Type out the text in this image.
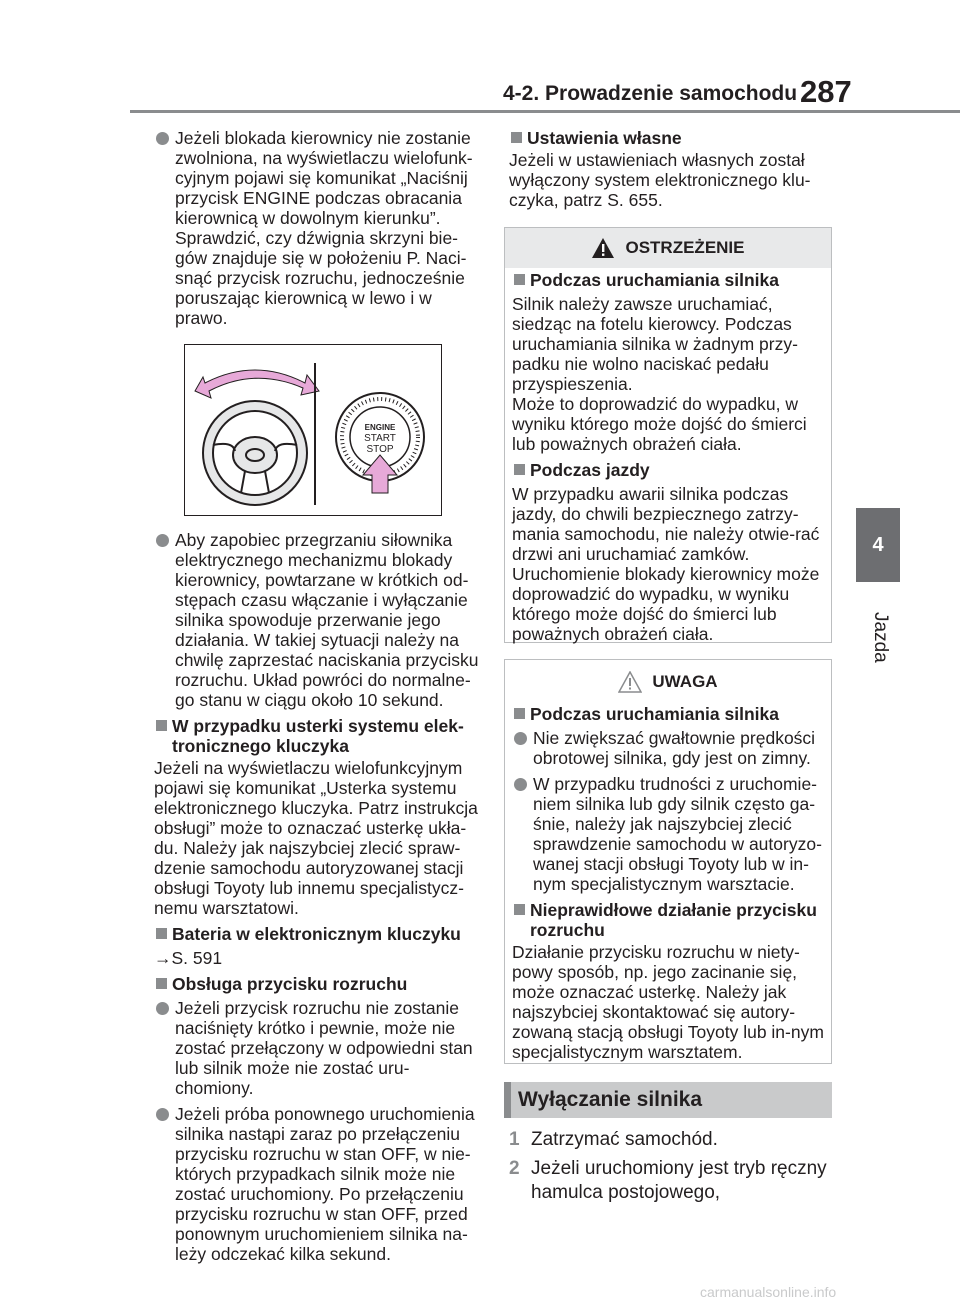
4-2. Prowadzenie samochodu 287
4
Jazda
Jeżeli blokada kierownicy nie zostanie zwolniona, na wyświetlaczu wielofunk-cyjnym pojawi się komunikat „Naciśnij przycisk ENGINE podczas obracania kierownicą w dowolnym kierunku”. Sprawdzić, czy dźwignia skrzyni bie-gów znajduje się w położeniu P. Naci-snąć przycisk rozruchu, jednocześnie poruszając kierownicą w lewo i w prawo.
ENGINE
START
STOP
Aby zapobiec przegrzaniu siłownika elektrycznego mechanizmu blokady kierownicy, powtarzane w krótkich od-stępach czasu włączanie i wyłączanie silnika spowoduje przerwanie jego działania. W takiej sytuacji należy na chwilę zaprzestać naciskania przycisku rozruchu. Układ powróci do normalne-go stanu w ciągu około 10 sekund.
W przypadku usterki systemu elek-tronicznego kluczyka
Jeżeli na wyświetlaczu wielofunkcyjnym pojawi się komunikat „Usterka systemu elektronicznego kluczyka. Patrz instrukcja obsługi” może to oznaczać usterkę ukła-du. Należy jak najszybciej zlecić spraw-dzenie samochodu autoryzowanej stacji obsługi Toyoty lub innemu specjalistycz-nemu warsztatowi.
Bateria w elektronicznym kluczyku
→S. 591
Obsługa przycisku rozruchu
Jeżeli przycisk rozruchu nie zostanie naciśnięty krótko i pewnie, może nie zostać przełączony w odpowiedni stan lub silnik może nie zostać uru-chomiony.
Jeżeli próba ponownego uruchomienia silnika nastąpi zaraz po przełączeniu przycisku rozruchu w stan OFF, w nie-których przypadkach silnik może nie zostać uruchomiony. Po przełączeniu przycisku rozruchu w stan OFF, przed ponownym uruchomieniem silnika na-leży odczekać kilka sekund.
Ustawienia własne
Jeżeli w ustawieniach własnych został wyłączony system elektronicznego klu-czyka, patrz S. 655.
OSTRZEŻENIE
Podczas uruchamiania silnika
Silnik należy zawsze uruchamiać, siedząc na fotelu kierowcy. Podczas uruchamiania silnika w żadnym przy-padku nie wolno naciskać pedału przyspieszenia.
Może to doprowadzić do wypadku, w wyniku którego może dojść do śmierci lub poważnych obrażeń ciała.
Podczas jazdy
W przypadku awarii silnika podczas jazdy, do chwili bezpiecznego zatrzy-mania samochodu, nie należy otwie-rać drzwi ani uruchamiać zamków. Uruchomienie blokady kierownicy może doprowadzić do wypadku, w wyniku którego może dojść do śmierci lub poważnych obrażeń ciała.
UWAGA
Podczas uruchamiania silnika
Nie zwiększać gwałtownie prędkości obrotowej silnika, gdy jest on zimny.
W przypadku trudności z uruchomie-niem silnika lub gdy silnik często ga-śnie, należy jak najszybciej zlecić sprawdzenie samochodu w autoryzo-wanej stacji obsługi Toyoty lub w in-nym specjalistycznym warsztacie.
Nieprawidłowe działanie przycisku rozruchu
Działanie przycisku rozruchu w niety-powy sposób, np. jego zacinanie się, może oznaczać usterkę. Należy jak najszybciej skontaktować się autory-zowaną stacją obsługi Toyoty lub in-nym specjalistycznym warsztatem.
Wyłączanie silnika
1 Zatrzymać samochód.
2 Jeżeli uruchomiony jest tryb ręczny hamulca postojowego,
carmanualsonline.info
